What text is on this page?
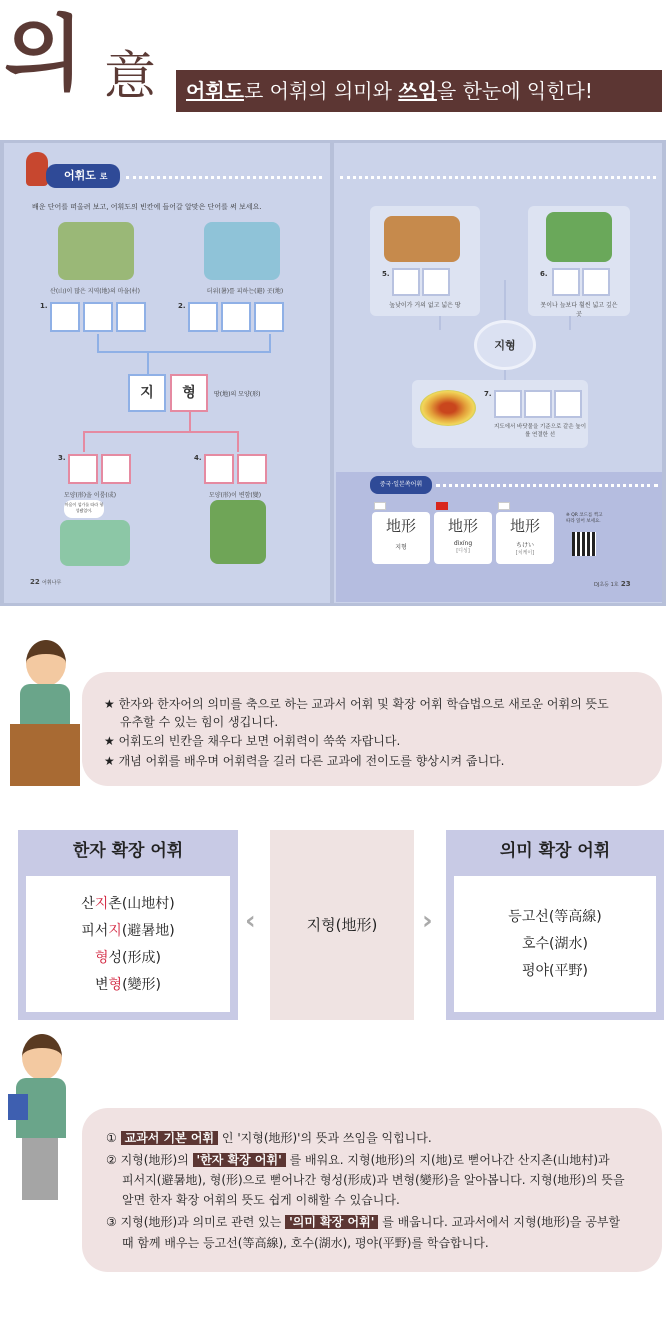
의 意	어휘도로 어휘의 의미와 쓰임을 한눈에 익힌다!
어휘도 로
배운 단어를 떠올려 보고, 어휘도의 빈칸에 들어갈 알맞은 단어를 써 보세요.
산(山)이 많은 지역(地)의 마을(村)	더위(暑)를 피하는(避) 곳(地)
1.	2.
지	형	땅(地)의 모양(形)
3.	4.
모양(形)을 이룸(成)	모양(形)이 변함(變)
마음이 섬가를 따라 형성됐었어.
22 어휘나무
5.	6.
높낮이가 거의 없고 넓은 땅	못이나 늪보다 훨씬 넓고 깊은 곳
지형
7.
지도에서 바닷물을 기준으로 같은 높이를 연결한 선
중국·일본쏙어휘
地形
지형
地形
dìxíng
[디싱]
地形
ちけい
[치케이]
※ QR 코드를 찍고 따라 읽어 보세요.
DJ초등 1호 23
★ 한자와 한자어의 의미를 축으로 하는 교과서 어휘 및 확장 어휘 학습법으로 새로운 어휘의 뜻도
유추할 수 있는 힘이 생깁니다.
★ 어휘도의 빈칸을 채우다 보면 어휘력이 쑥쑥 자랍니다.
★ 개념 어휘를 배우며 어휘력을 길러 다른 교과에 전이도를 향상시켜 줍니다.
한자 확장 어휘
산지촌(山地村)
피서지(避暑地)
형성(形成)
변형(變形)
‹	지형(地形)	›
의미 확장 어휘
등고선(等高線)
호수(湖水)
평야(平野)
① 교과서 기본 어휘 인 '지형(地形)'의 뜻과 쓰임을 익힙니다.
② 지형(地形)의 '한자 확장 어휘' 를 배워요. 지형(地形)의 지(地)로 뻗어나간 산지촌(山地村)과
피서지(避暑地), 형(形)으로 뻗어나간 형성(形成)과 변형(變形)을 알아봅니다. 지형(地形)의 뜻을
알면 한자 확장 어휘의 뜻도 쉽게 이해할 수 있습니다.
③ 지형(地形)과 의미로 관련 있는 '의미 확장 어휘' 를 배웁니다. 교과서에서 지형(地形)을 공부할
때 함께 배우는 등고선(等高線), 호수(湖水), 평야(平野)를 학습합니다.
